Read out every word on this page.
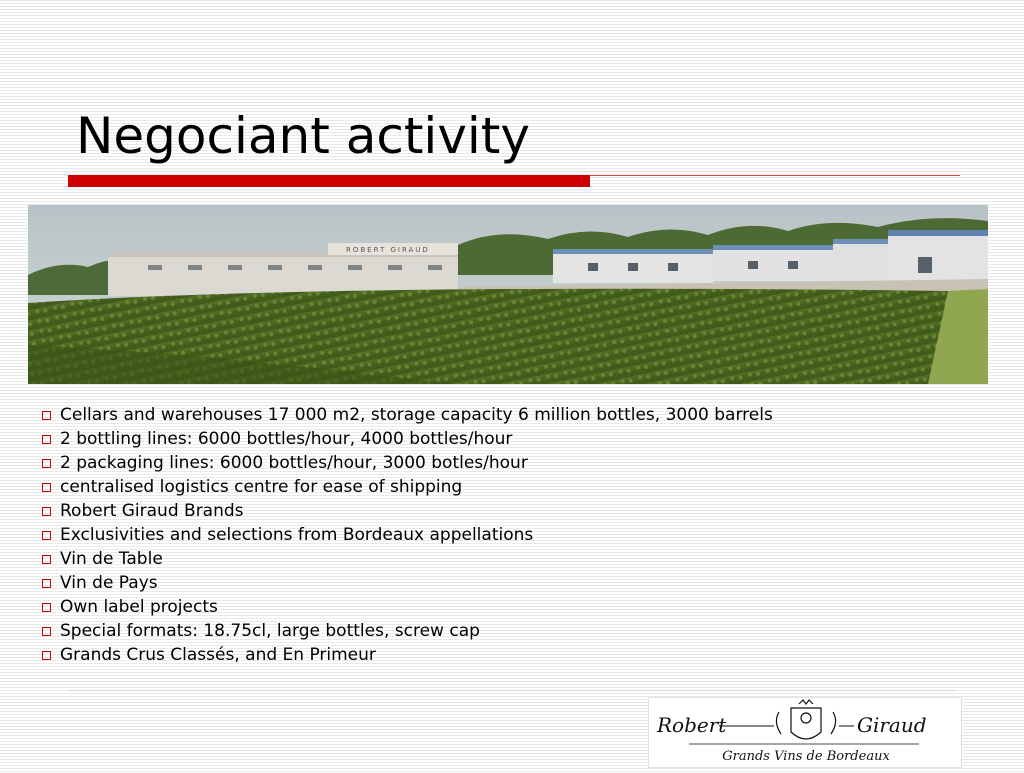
Negociant activity
ROBERT GIRAUD
Cellars and warehouses 17 000 m2, storage capacity 6 million bottles, 3000 barrels
2 bottling lines: 6000 bottles/hour, 4000 bottles/hour
2 packaging lines: 6000 bottles/hour, 3000 botles/hour
centralised logistics centre for ease of shipping
Robert Giraud Brands
Exclusivities and selections from Bordeaux appellations
Vin de Table
Vin de Pays
Own label projects
Special formats: 18.75cl, large bottles, screw cap
Grands Crus Classés, and En Primeur
Robert	Giraud
Grands Vins de Bordeaux
